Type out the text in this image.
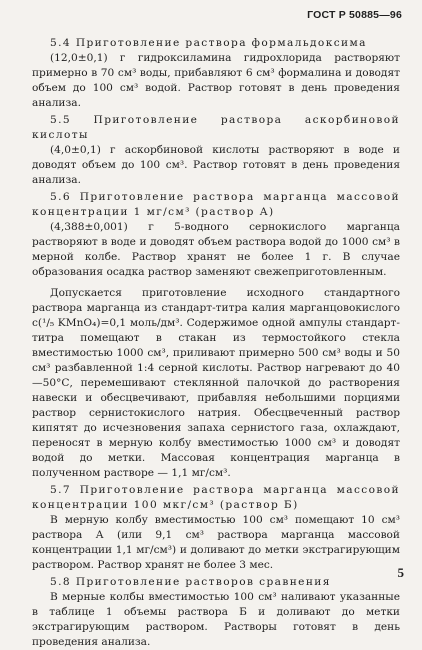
ГОСТ Р 50885—96

5.4 Приготовление раствора формальдоксима

(12,0±0,1) г гидроксиламина гидрохлорида растворяют примерно в 70 см³ воды, прибавляют 6 см³ формалина и доводят объем до 100 см³ водой. Раствор готовят в день проведения анализа.

5.5 Приготовление раствора аскорбиновой кислоты

(4,0±0,1) г аскорбиновой кислоты растворяют в воде и доводят объем до 100 см³. Раствор готовят в день проведения анализа.

5.6 Приготовление раствора марганца массовой концентрации 1 мг/см³ (раствор А)

(4,388±0,001) г 5-водного сернокислого марганца растворяют в воде и доводят объем раствора водой до 1000 см³ в мерной колбе. Раствор хранят не более 1 г. В случае образования осадка раствор заменяют свежеприготовленным.

Допускается приготовление исходного стандартного раствора марганца из стандарт-титра калия марганцовокислого c(¹/₅ KMnO₄)=0,1 моль/дм³. Содержимое одной ампулы стандарт-титра помещают в стакан из термостойкого стекла вместимостью 1000 см³, приливают примерно 500 см³ воды и 50 см³ разбавленной 1:4 серной кислоты. Раствор нагревают до 40—50°С, перемешивают стеклянной палочкой до растворения навески и обесцвечивают, прибавляя небольшими порциями раствор сернистокислого натрия. Обесцвеченный раствор кипятят до исчезновения запаха сернистого газа, охлаждают, переносят в мерную колбу вместимостью 1000 см³ и доводят водой до метки. Массовая концентрация марганца в полученном растворе — 1,1 мг/см³.

5.7 Приготовление раствора марганца массовой концентрации 100 мкг/см³ (раствор Б)

В мерную колбу вместимостью 100 см³ помещают 10 см³ раствора А (или 9,1 см³ раствора марганца массовой концентрации 1,1 мг/см³) и доливают до метки экстрагирующим раствором. Раствор хранят не более 3 мес.

5.8 Приготовление растворов сравнения

В мерные колбы вместимостью 100 см³ наливают указанные в таблице 1 объемы раствора Б и доливают до метки экстрагирующим раствором. Растворы готовят в день проведения анализа.

5
